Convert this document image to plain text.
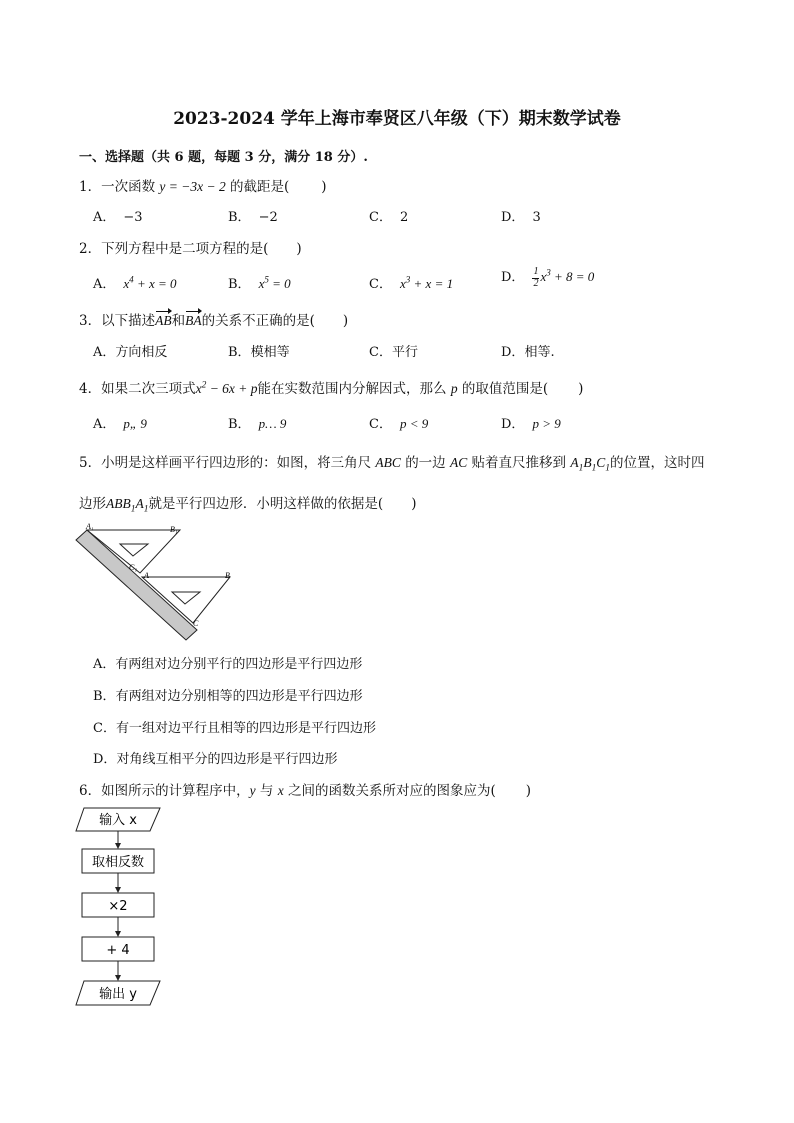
2023-2024 学年上海市奉贤区八年级（下）期末数学试卷
一、选择题（共 6 题，每题 3 分，满分 18 分）.
1．一次函数 y = −3x − 2 的截距是( )
A． −3	B． −2	C． 2	D． 3
2．下列方程中是二项方程的是( )
A． $x^4 + x = 0$	B． $x^5 = 0$	C． $x^3 + x = 1$	D． $\frac{1}{2} x^3 + 8 = 0$
3．以下描述AB和BA的关系不正确的是( )
A．方向相反	B．模相等	C．平行	D．相等.
4．如果二次三项式$x^2 - 6x + p$能在实数范围内分解因式，那么 p 的取值范围是( )
A． p„ 9	B． p… 9	C． p < 9	D． p > 9
5．小明是这样画平行四边形的：如图，将三角尺 ABC 的一边 AC 贴着直尺推移到 $A_1B_1C_1$的位置，这时四
边形$ABB_1A_1$就是平行四边形．小明这样做的依据是( )
A₁	B₁
C₁
A	B
C
A．有两组对边分别平行的四边形是平行四边形
B．有两组对边分别相等的四边形是平行四边形
C．有一组对边平行且相等的四边形是平行四边形
D．对角线互相平分的四边形是平行四边形
6．如图所示的计算程序中，y 与 x 之间的函数关系所对应的图象应为( )
输入 x
取相反数
×2
+ 4
输出 y
